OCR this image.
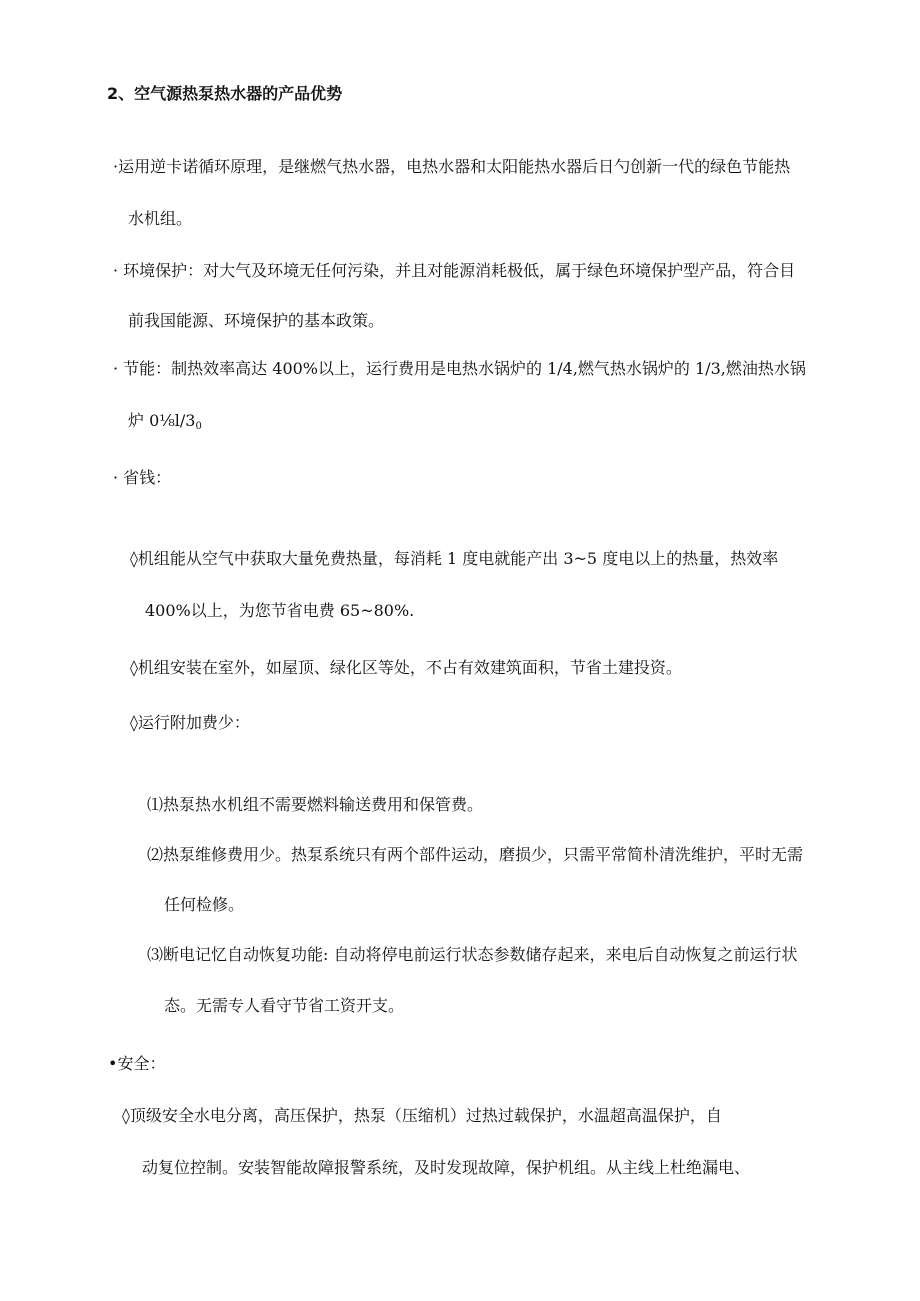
2、空气源热泵热水器的产品优势
·运用逆卡诺循环原理，是继燃气热水器，电热水器和太阳能热水器后日勺创新一代的绿色节能热
水机组。
· 环境保护：对大气及环境无任何污染，并且对能源消耗极低，属于绿色环境保护型产品，符合目
前我国能源、环境保护的基本政策。
· 节能：制热效率高达 400%以上，运行费用是电热水锅炉的 1/4,燃气热水锅炉的 1/3,燃油热水锅
炉 0⅛l/30
· 省钱：
◊机组能从空气中获取大量免费热量，每消耗 1 度电就能产出 3~5 度电以上的热量，热效率
400%以上，为您节省电费 65~80%.
◊机组安装在室外，如屋顶、绿化区等处，不占有效建筑面积，节省土建投资。
◊运行附加费少：
⑴热泵热水机组不需要燃料输送费用和保管费。
⑵热泵维修费用少。热泵系统只有两个部件运动，磨损少，只需平常简朴清洗维护，平时无需
任何检修。
⑶断电记忆自动恢复功能: 自动将停电前运行状态参数储存起来，来电后自动恢复之前运行状
态。无需专人看守节省工资开支。
•安全：
◊顶级安全水电分离，高压保护，热泵（压缩机）过热过载保护，水温超高温保护，自
动复位控制。安装智能故障报警系统，及时发现故障，保护机组。从主线上杜绝漏电、
